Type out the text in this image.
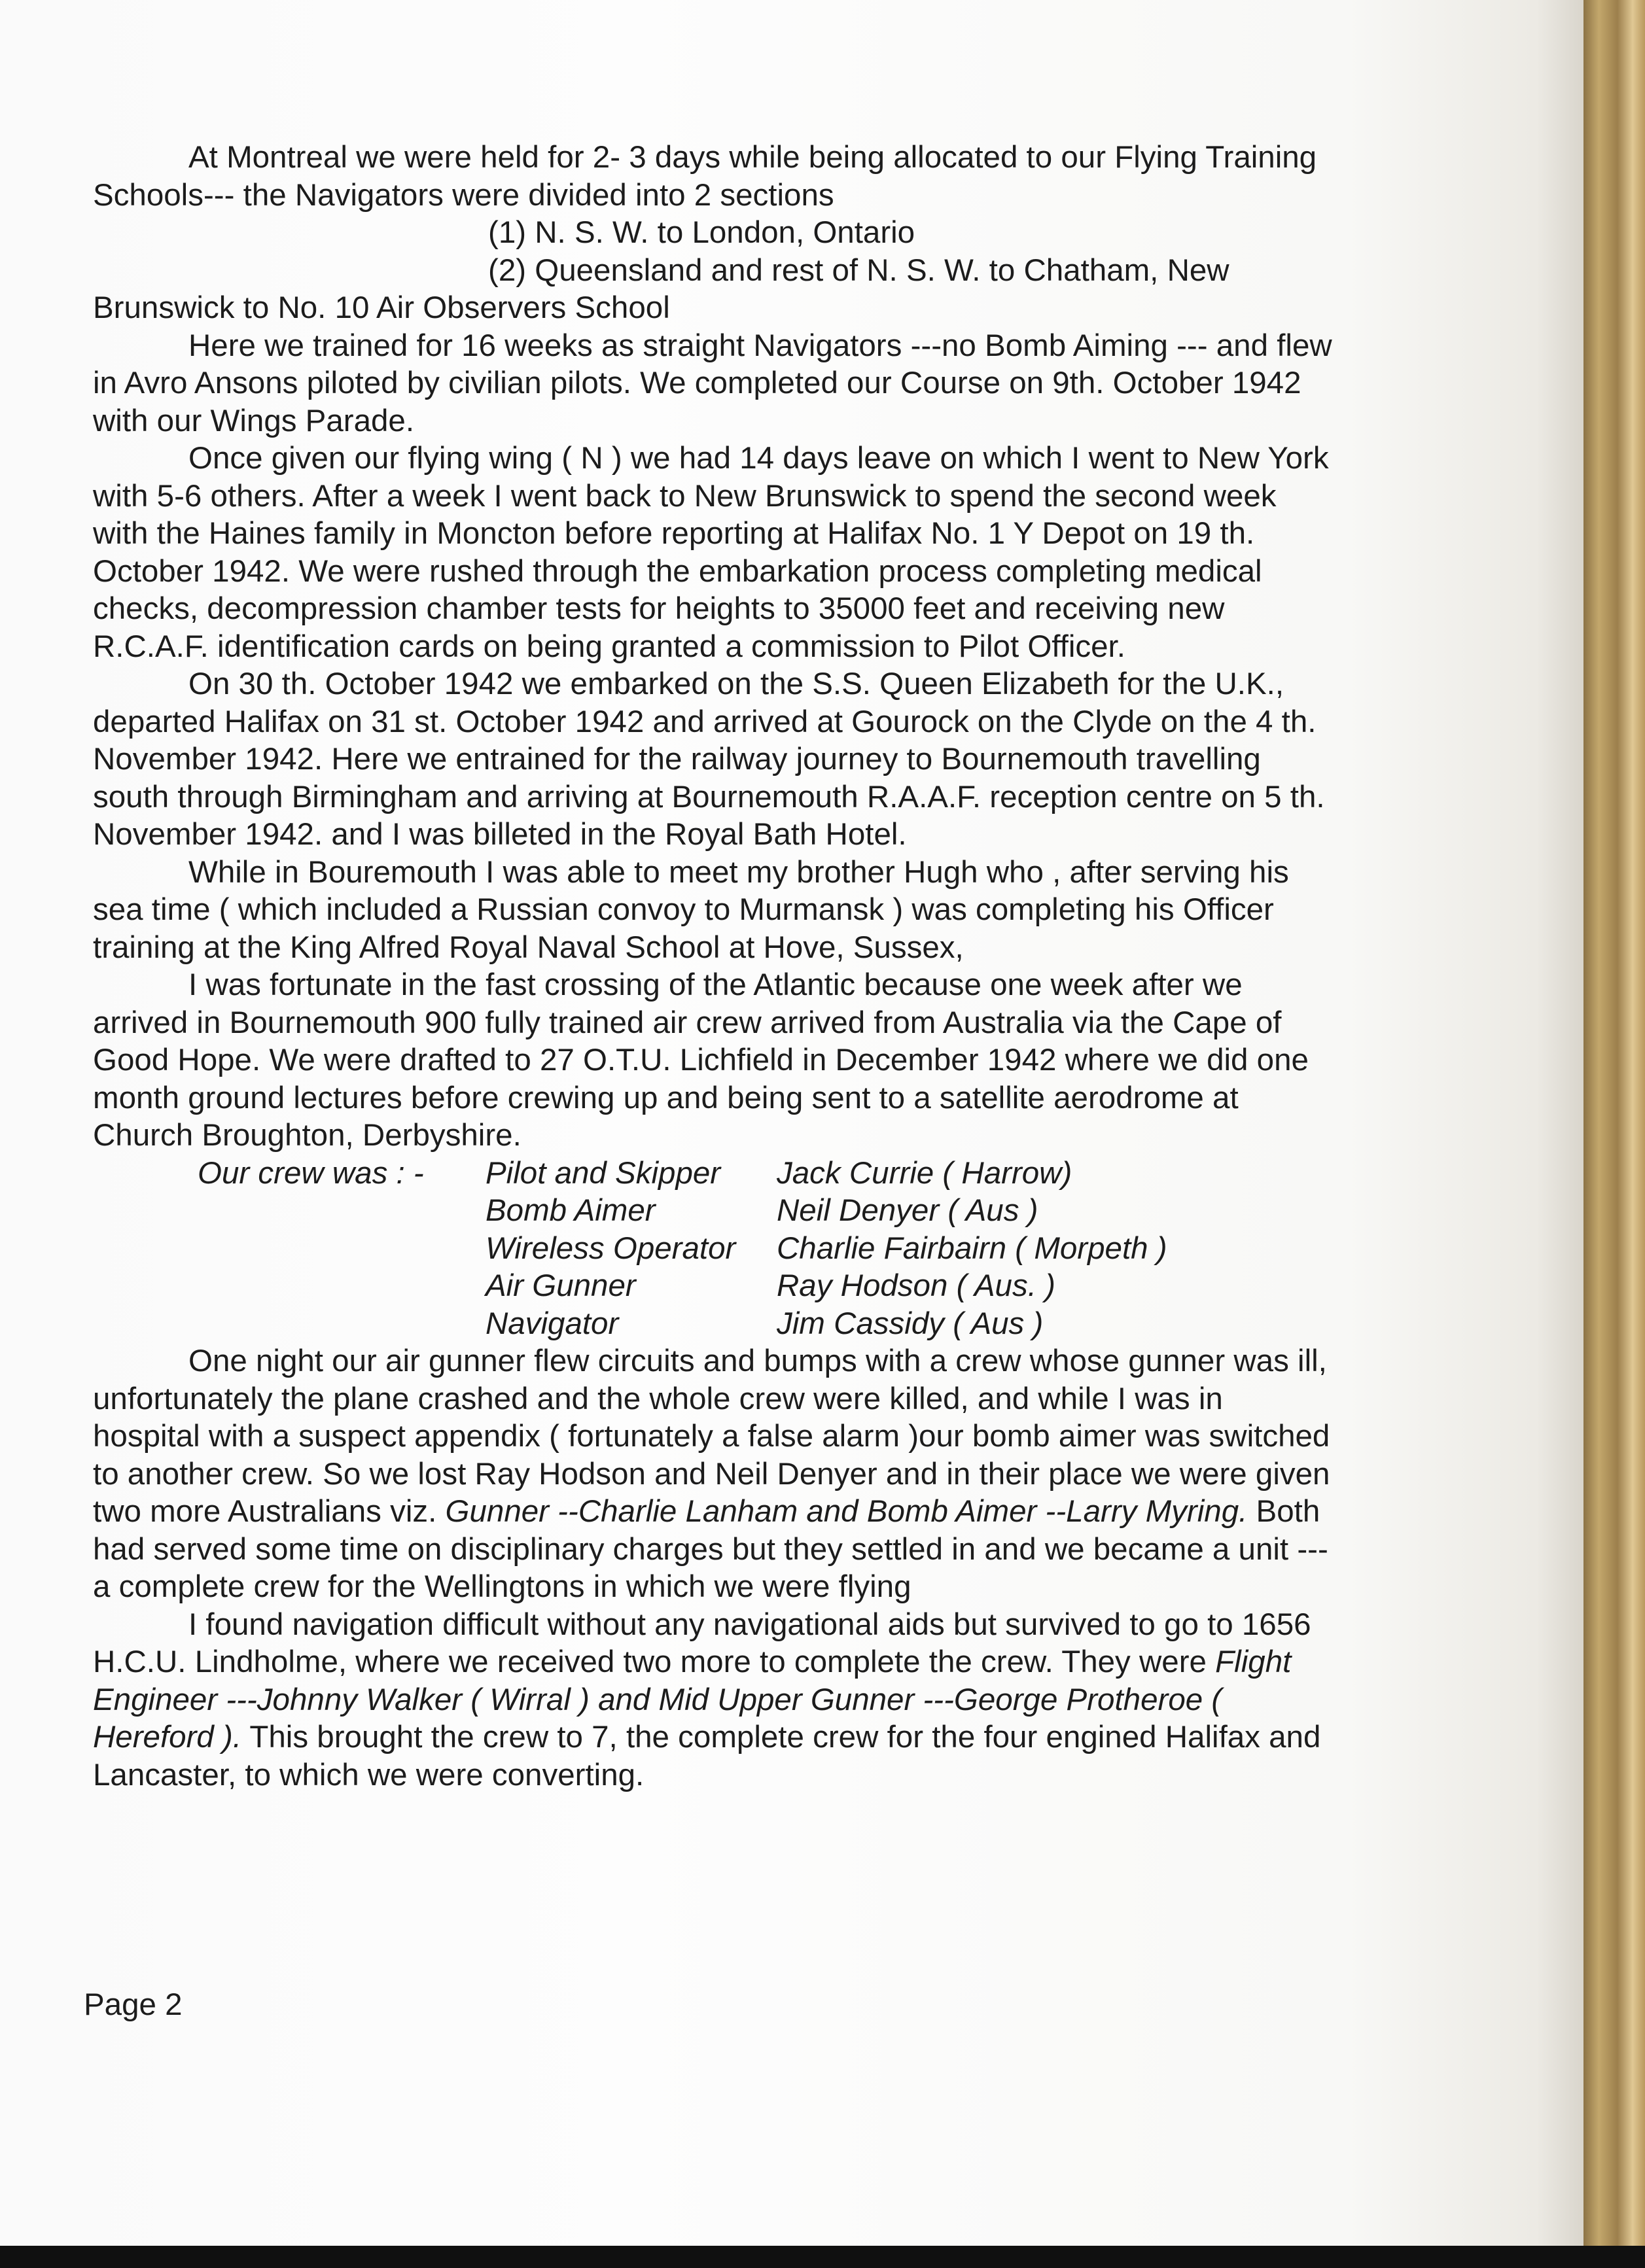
At Montreal we were held for 2- 3 days while being allocated to our Flying Training Schools--- the Navigators were divided into 2 sections

(1) N. S. W. to London, Ontario

(2) Queensland and rest of N. S. W. to Chatham, New

Brunswick to No. 10 Air Observers School

Here we trained for 16 weeks as straight Navigators ---no Bomb Aiming --- and flew in Avro Ansons piloted by civilian pilots. We completed our Course on 9th. October 1942 with our Wings Parade.

Once given our flying wing ( N ) we had 14 days leave on which I went to New York with 5-6 others. After a week I went back to New Brunswick to spend the second week with the Haines family in Moncton before reporting at Halifax No. 1 Y Depot on 19 th. October 1942. We were rushed through the embarkation process completing medical checks, decompression chamber tests for heights to 35000 feet and receiving new R.C.A.F. identification cards on being granted a commission to Pilot Officer.

On 30 th. October 1942 we embarked on the S.S. Queen Elizabeth for the U.K., departed Halifax on 31 st. October 1942 and arrived at Gourock on the Clyde on the 4 th. November 1942. Here we entrained for the railway journey to Bournemouth travelling south through Birmingham and arriving at Bournemouth R.A.A.F. reception centre on 5 th. November 1942. and I was billeted in the Royal Bath Hotel.

While in Bouremouth I was able to meet my brother Hugh who , after serving his sea time ( which included a Russian convoy to Murmansk ) was completing his Officer training at the King Alfred Royal Naval School at Hove, Sussex,

I was fortunate in the fast crossing of the Atlantic because one week after we arrived in Bournemouth 900 fully trained air crew arrived from Australia via the Cape of Good Hope. We were drafted to 27 O.T.U. Lichfield in December 1942 where we did one month ground lectures before crewing up and being sent to a satellite aerodrome at Church Broughton, Derbyshire.

	Our crew was : -	Pilot and Skipper	Jack Currie ( Harrow)
		Bomb Aimer	Neil Denyer ( Aus )
		Wireless Operator	Charlie Fairbairn ( Morpeth )
		Air Gunner	Ray Hodson ( Aus. )
		Navigator	Jim Cassidy ( Aus )

One night our air gunner flew circuits and bumps with a crew whose gunner was ill, unfortunately the plane crashed and the whole crew were killed, and while I was in hospital with a suspect appendix ( fortunately a false alarm )our bomb aimer was switched to another crew. So we lost Ray Hodson and Neil Denyer and in their place we were given two more Australians viz. Gunner --Charlie Lanham and Bomb Aimer --Larry Myring. Both had served some time on disciplinary charges but they settled in and we became a unit --- a complete crew for the Wellingtons in which we were flying

I found navigation difficult without any navigational aids but survived to go to 1656 H.C.U. Lindholme, where we received two more to complete the crew. They were Flight Engineer ---Johnny Walker ( Wirral ) and Mid Upper Gunner ---George Protheroe ( Hereford ). This brought the crew to 7, the complete crew for the four engined Halifax and Lancaster, to which we were converting.

Page 2
